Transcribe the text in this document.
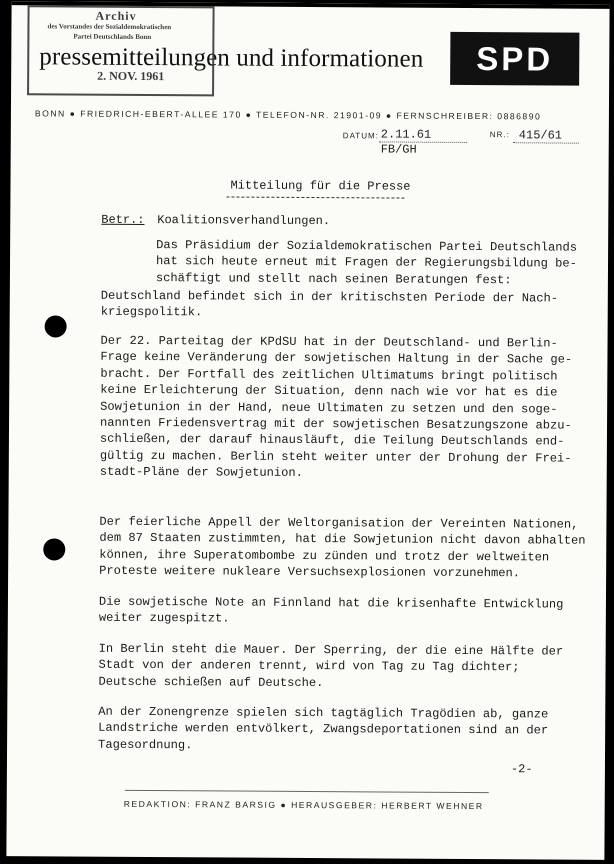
pressemitteilungen und informationen
Archiv
des Vorstandes der Sozialdemokratischen
Partei Deutschlands Bonn
2. NOV. 1961	SPD
BONN ● FRIEDRICH-EBERT-ALLEE 170 ● TELEFON-NR. 21901-09 ● FERNSCHREIBER: 0886890
DATUM: 2.11.61	NR.: 415/61
FB/GH
Mitteilung für die Presse
Betr.: Koalitionsverhandlungen.
Das Präsidium der Sozialdemokratischen Partei Deutschlands
hat sich heute erneut mit Fragen der Regierungsbildung be-
schäftigt und stellt nach seinen Beratungen fest:
Deutschland befindet sich in der kritischsten Periode der Nach-
kriegspolitik.
Der 22. Parteitag der KPdSU hat in der Deutschland- und Berlin-
Frage keine Veränderung der sowjetischen Haltung in der Sache ge-
bracht. Der Fortfall des zeitlichen Ultimatums bringt politisch
keine Erleichterung der Situation, denn nach wie vor hat es die
Sowjetunion in der Hand, neue Ultimaten zu setzen und den soge-
nannten Friedensvertrag mit der sowjetischen Besatzungszone abzu-
schließen, der darauf hinausläuft, die Teilung Deutschlands end-
gültig zu machen. Berlin steht weiter unter der Drohung der Frei-
stadt-Pläne der Sowjetunion.
Der feierliche Appell der Weltorganisation der Vereinten Nationen,
dem 87 Staaten zustimmten, hat die Sowjetunion nicht davon abhalten
können, ihre Superatombombe zu zünden und trotz der weltweiten
Proteste weitere nukleare Versuchsexplosionen vorzunehmen.
Die sowjetische Note an Finnland hat die krisenhafte Entwicklung
weiter zugespitzt.
In Berlin steht die Mauer. Der Sperring, der die eine Hälfte der
Stadt von der anderen trennt, wird von Tag zu Tag dichter;
Deutsche schießen auf Deutsche.
An der Zonengrenze spielen sich tagtäglich Tragödien ab, ganze
Landstriche werden entvölkert, Zwangsdeportationen sind an der
Tagesordnung.
-2-
REDAKTION: FRANZ BARSIG ● HERAUSGEBER: HERBERT WEHNER
